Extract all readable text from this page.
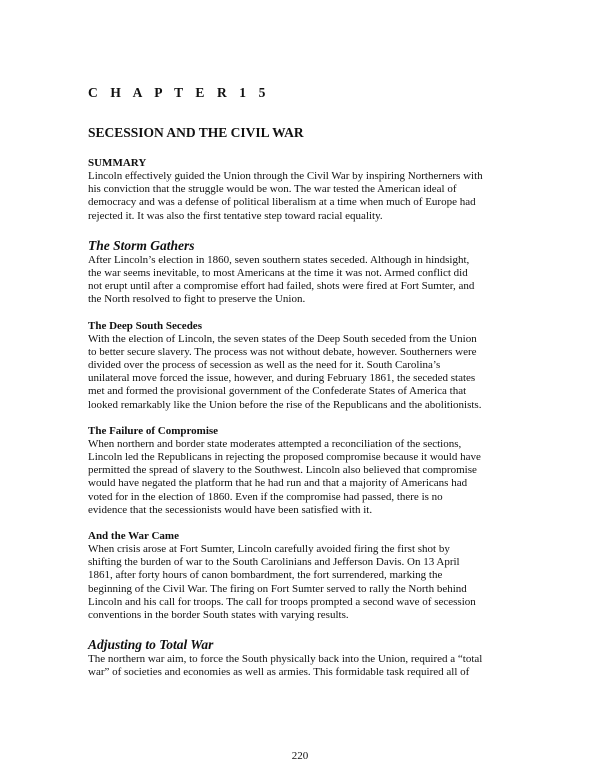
C H A P T E R 1 5

SECESSION AND THE CIVIL WAR

SUMMARY

Lincoln effectively guided the Union through the Civil War by inspiring Northerners with
his conviction that the struggle would be won. The war tested the American ideal of
democracy and was a defense of political liberalism at a time when much of Europe had
rejected it. It was also the first tentative step toward racial equality.

The Storm Gathers

After Lincoln’s election in 1860, seven southern states seceded. Although in hindsight,
the war seems inevitable, to most Americans at the time it was not. Armed conflict did
not erupt until after a compromise effort had failed, shots were fired at Fort Sumter, and
the North resolved to fight to preserve the Union.

The Deep South Secedes

With the election of Lincoln, the seven states of the Deep South seceded from the Union
to better secure slavery. The process was not without debate, however. Southerners were
divided over the process of secession as well as the need for it. South Carolina’s
unilateral move forced the issue, however, and during February 1861, the seceded states
met and formed the provisional government of the Confederate States of America that
looked remarkably like the Union before the rise of the Republicans and the abolitionists.

The Failure of Compromise

When northern and border state moderates attempted a reconciliation of the sections,
Lincoln led the Republicans in rejecting the proposed compromise because it would have
permitted the spread of slavery to the Southwest. Lincoln also believed that compromise
would have negated the platform that he had run and that a majority of Americans had
voted for in the election of 1860. Even if the compromise had passed, there is no
evidence that the secessionists would have been satisfied with it.

And the War Came

When crisis arose at Fort Sumter, Lincoln carefully avoided firing the first shot by
shifting the burden of war to the South Carolinians and Jefferson Davis. On 13 April
1861, after forty hours of canon bombardment, the fort surrendered, marking the
beginning of the Civil War. The firing on Fort Sumter served to rally the North behind
Lincoln and his call for troops. The call for troops prompted a second wave of secession
conventions in the border South states with varying results.

Adjusting to Total War

The northern war aim, to force the South physically back into the Union, required a “total
war” of societies and economies as well as armies. This formidable task required all of

220
